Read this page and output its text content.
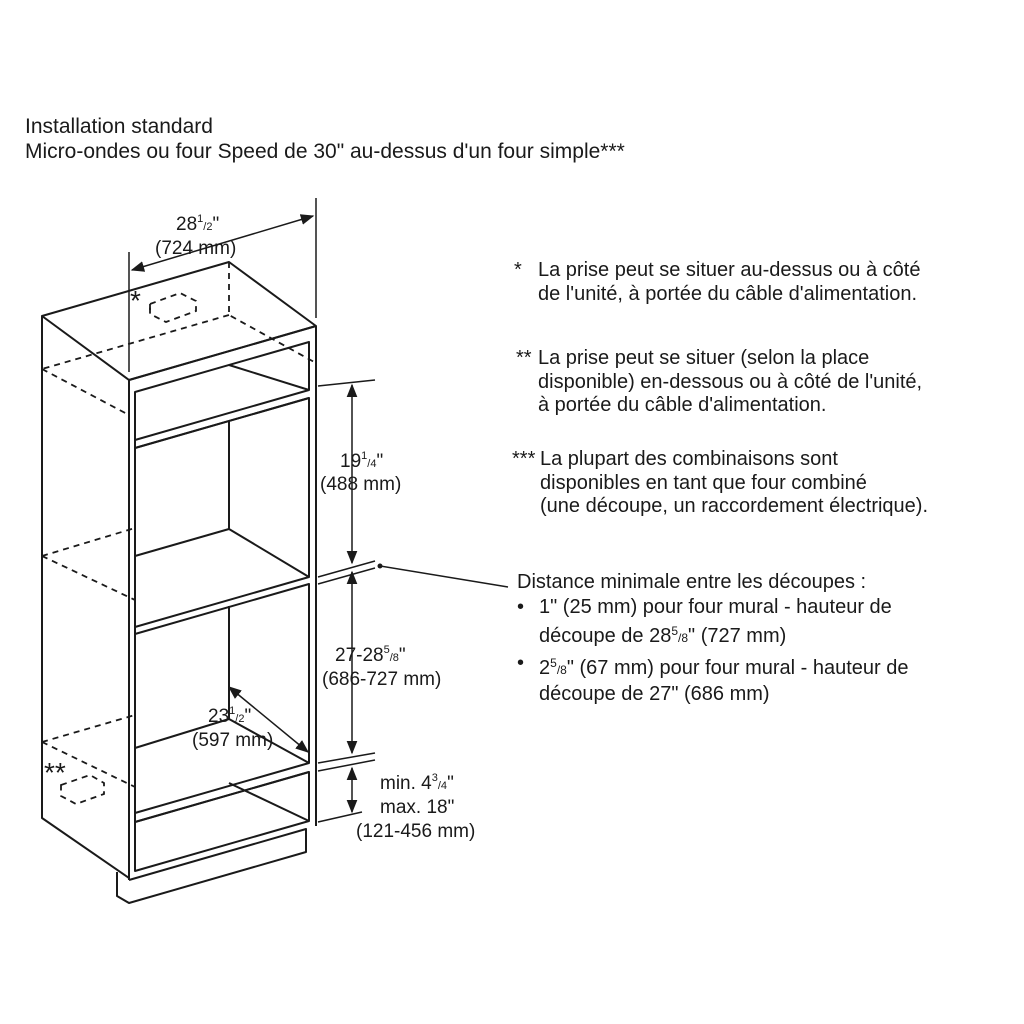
Installation standard
Micro-ondes ou four Speed de 30" au-dessus d'un four simple***
* La prise peut se situer au-dessus ou à côté
de l'unité, à portée du câble d'alimentation.
** La prise peut se situer (selon la place
disponible) en-dessous ou à côté de l'unité,
à portée du câble d'alimentation.
*** La plupart des combinaisons sont
disponibles en tant que four combiné
(une découpe, un raccordement électrique).
Distance minimale entre les découpes :
• 1" (25 mm) pour four mural - hauteur de
découpe de $28^5/8$" (727 mm)
• $2^5/8$" (67 mm) pour four mural - hauteur de
découpe de 27" (686 mm)
*
**
$28^1_{/2}$"
(724 mm)
$19^1_{/4}$"
(488 mm)
$27-28^5_{/8}$"
(686-727 mm)
$23^1_{/2}$"
(597 mm)
min. $4^3_{/4}$"
max. 18"
(121-456 mm)
